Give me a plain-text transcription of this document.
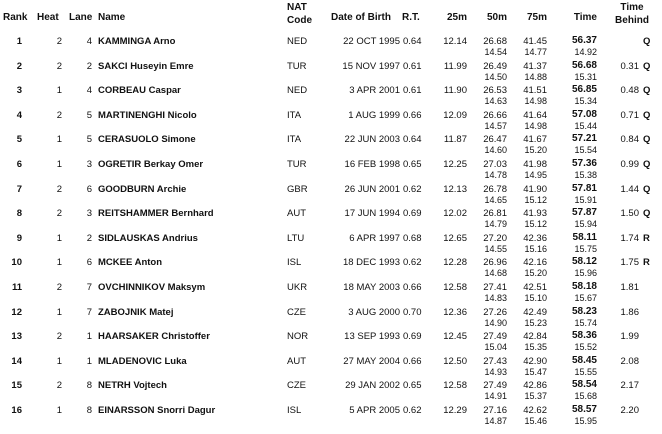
Rank Heat Lane Name
NAT
Code Date of Birth R.T.	25m	50m	75m	Time
Time
Behind
1	2	4 KAMMINGA Arno	NED	22 OCT 1995 0.64	12.14	26.68	41.45	56.37	Q
14.54	14.77	14.92
2	2	2 SAKCI Huseyin Emre	TUR	15 NOV 1997 0.61	11.99	26.49	41.37	56.68	0.31 Q
14.50	14.88	15.31
3	1	4 CORBEAU Caspar	NED	3 APR 2001 0.61	11.90	26.53	41.51	56.85	0.48 Q
14.63	14.98	15.34
4	2	5 MARTINENGHI Nicolo	ITA	1 AUG 1999 0.66	12.09	26.66	41.64	57.08	0.71 Q
14.57	14.98	15.44
5	1	5 CERASUOLO Simone	ITA	22 JUN 2003 0.64	11.87	26.47	41.67	57.21	0.84 Q
14.60	15.20	15.54
6	1	3 OGRETIR Berkay Omer	TUR	16 FEB 1998 0.65	12.25	27.03	41.98	57.36	0.99 Q
14.78	14.95	15.38
7	2	6 GOODBURN Archie	GBR	26 JUN 2001 0.62	12.13	26.78	41.90	57.81	1.44 Q
14.65	15.12	15.91
8	2	3 REITSHAMMER Bernhard	AUT	17 JUN 1994 0.69	12.02	26.81	41.93	57.87	1.50 Q
14.79	15.12	15.94
9	1	2 SIDLAUSKAS Andrius	LTU	6 APR 1997 0.68	12.65	27.20	42.36	58.11	1.74 R
14.55	15.16	15.75
10	1	6 MCKEE Anton	ISL	18 DEC 1993 0.62	12.28	26.96	42.16	58.12	1.75 R
14.68	15.20	15.96
11	2	7 OVCHINNIKOV Maksym	UKR	18 MAY 2003 0.66	12.58	27.41	42.51	58.18	1.81
14.83	15.10	15.67
12	1	7 ZABOJNIK Matej	CZE	3 AUG 2000 0.70	12.36	27.26	42.49	58.23	1.86
14.90	15.23	15.74
13	2	1 HAARSAKER Christoffer	NOR	13 SEP 1993 0.69	12.45	27.49	42.84	58.36	1.99
15.04	15.35	15.52
14	1	1 MLADENOVIC Luka	AUT	27 MAY 2004 0.66	12.50	27.43	42.90	58.45	2.08
14.93	15.47	15.55
15	2	8 NETRH Vojtech	CZE	29 JAN 2002 0.65	12.58	27.49	42.86	58.54	2.17
14.91	15.37	15.68
16	1	8 EINARSSON Snorri Dagur	ISL	5 APR 2005 0.62	12.29	27.16	42.62	58.57	2.20
14.87	15.46	15.95
